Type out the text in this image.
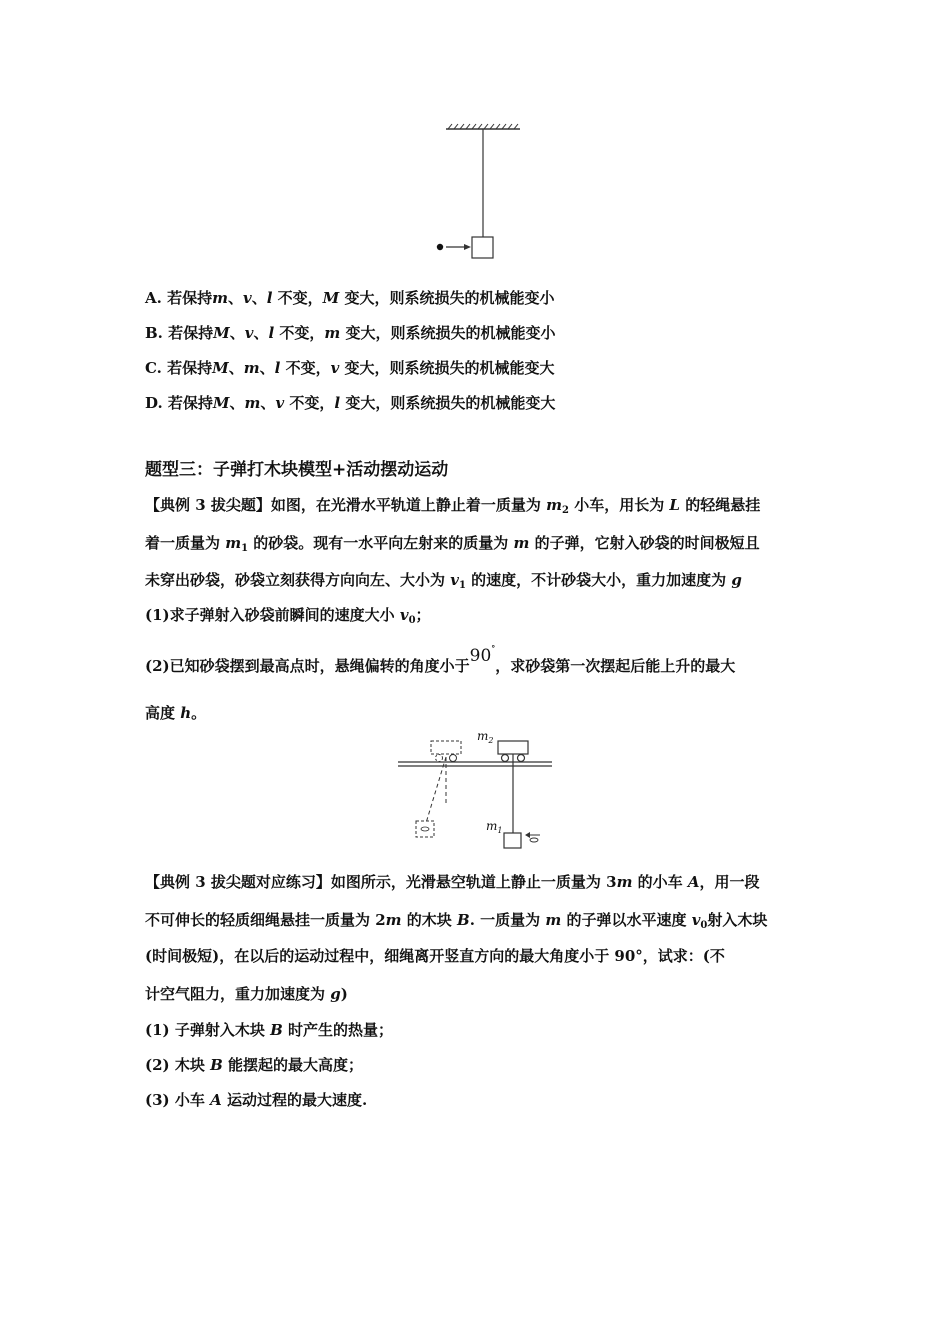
A. 若保持m、v、l 不变，M 变大，则系统损失的机械能变小
B. 若保持M、v、l 不变，m 变大，则系统损失的机械能变小
C. 若保持M、m、l 不变，v 变大，则系统损失的机械能变大
D. 若保持M、m、v 不变，l 变大，则系统损失的机械能变大
题型三：子弹打木块模型+活动摆动运动
【典例 3 拔尖题】如图，在光滑水平轨道上静止着一质量为 $m_2$ 小车，用长为 L 的轻绳悬挂
着一质量为 $m_1$ 的砂袋。现有一水平向左射来的质量为 m 的子弹，它射入砂袋的时间极短且
未穿出砂袋，砂袋立刻获得方向向左、大小为 $v_1$ 的速度，不计砂袋大小，重力加速度为 g
(1)求子弹射入砂袋前瞬间的速度大小 $v_0$；
(2)已知砂袋摆到最高点时，悬绳偏转的角度小于90°，求砂袋第一次摆起后能上升的最大
高度 h。
$m_2$
$m_1$
【典例 3 拔尖题对应练习】如图所示，光滑悬空轨道上静止一质量为 3m 的小车 A，用一段
不可伸长的轻质细绳悬挂一质量为 2m 的木块 B. 一质量为 m 的子弹以水平速度 $v_0$射入木块
(时间极短)，在以后的运动过程中，细绳离开竖直方向的最大角度小于 90°，试求：(不
计空气阻力，重力加速度为 g)
(1) 子弹射入木块 B 时产生的热量；
(2) 木块 B 能摆起的最大高度；
(3) 小车 A 运动过程的最大速度.
